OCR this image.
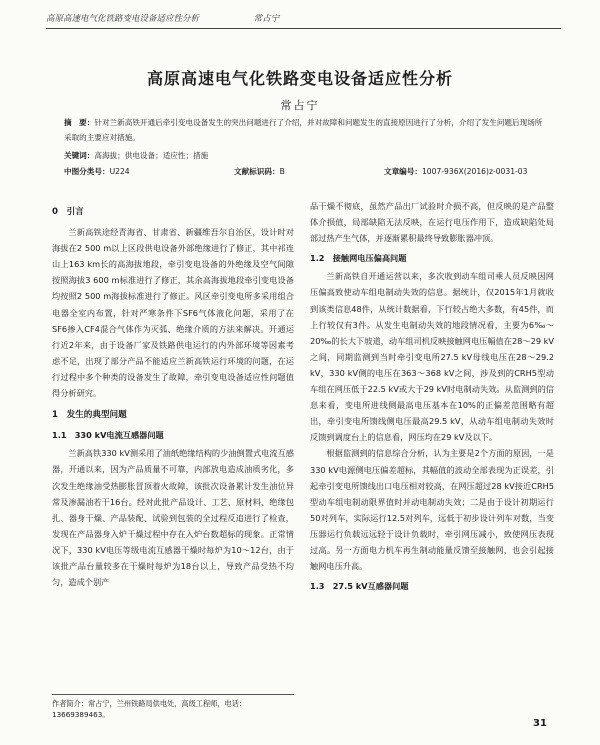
高原高速电气化铁路变电设备适应性分析	常占宁
高原高速电气化铁路变电设备适应性分析
常占宁
摘　要：针对兰新高铁开通后牵引变电设备发生的突出问题进行了介绍，并对故障和问题发生的直接原因进行了分析，介绍了发生问题后现场所采取的主要应对措施。
关键词：高海拔；供电设备；适应性；措施
中图分类号：U224	文献标识码：B	文章编号：1007-936X(2016)z-0031-03
0　引言

兰新高铁途经青海省、甘肃省、新疆维吾尔自治区，设计时对海拔在2 500 m以上区段供电设备外部绝缘进行了修正，其中祁连山上163 km长的高海拔地段，牵引变电设备的外绝缘及空气间隙按照海拔3 600 m标准进行了修正，其余高海拔地段牵引变电设备均按照2 500 m海拔标准进行了修正。风区牵引变电所多采用组合电器全室内布置，针对严寒条件下SF6气体液化问题，采用了在SF6掺入CF4混合气体作为灭弧、绝缘介质的方法来解决。开通运行近2年来，由于设备厂家及铁路供电运行的内外部环境等因素考虑不足，出现了部分产品不能适应兰新高铁运行环境的问题，在运行过程中多个种类的设备发生了故障，牵引变电设备适应性问题值得分析研究。

1　发生的典型问题
1.1　330 kV电流互感器问题

兰新高铁330 kV测采用了油纸绝缘结构的少油倒置式电流互感器，开通以来，因为产品质量不可靠，内部放电造成油质劣化，多次发生绝缘油受热膨胀冒顶着火故障，该批次设备累计发生油位异常及渗漏油若干16台。经对此批产品设计、工艺、原材料、绝缘包扎、器身干燥、产品装配、试验到包装的全过程反追进行了检查，发现在产品器身入炉干燥过程中存在入炉台数超标的现象。正常情况下，330 kV电压等级电流互感器干燥时每炉为10～12台，由于该批产品台量较多在干燥时每炉为18台以上，导致产品受热不均匀，造成个别产

品干燥不彻底，虽然产品出厂试验时介损不高，但反映的是产品整体介损值，局部缺陷无法反映，在运行电压作用下，造成缺陷处局部过热产生气体，并逐渐累积最终导致膨胀器冲顶。

1.2　接触网电压偏高问题

兰新高铁自开通运营以来，多次收到动车组司乘人员反映因网压偏高致使动车组电制动失效的信息。据统计，仅2015年1月就收到该类信息48件，从统计数据看，下行较占绝大多数，有45件，而上行较仅有3件。从发生电制动失效的地段情况看，主要为6‰～20‰的长大下坡道，动车组司机反映接触网电压幅值在28～29 kV之间，同期监测到当时牵引变电所27.5 kV母线电压在28～29.2 kV，330 kV侧的电压在363～368 kV之间，涉及到的CRH5型动车组在网压低于22.5 kV或大于29 kV时电制动失效。从监测到的信息来看，变电所进线侧最高电压基本在10%的正偏差范围略有超出，牵引变电所馈线侧电压最高29.5 kV，从动车组电制动失效时反馈到调度台上的信息看，网压均在29 kV及以下。

根据监测到的信息综合分析，认为主要是2个方面的原因，一是330 kV电源侧电压偏差超标，其幅值的波动全部表现为正误差，引起牵引变电所馈线出口电压相对较高，在网压超过28 kV接近CRH5型动车组电制动限界值时并动电制动失效；二是由于设计初期运行50对列车，实际运行12.5对列车，远低于初步设计列车对数，当变压器运行负载远远轻于设计负载时，牵引网压减小，致使网压表现过高。另一方面电力机车再生制动能量反馈至接触网，也会引起接触网电压升高。

1.3　27.5 kV互感器问题
作者简介：常占宁，兰州铁路局供电处，高级工程师，电话：13669389463。
31
